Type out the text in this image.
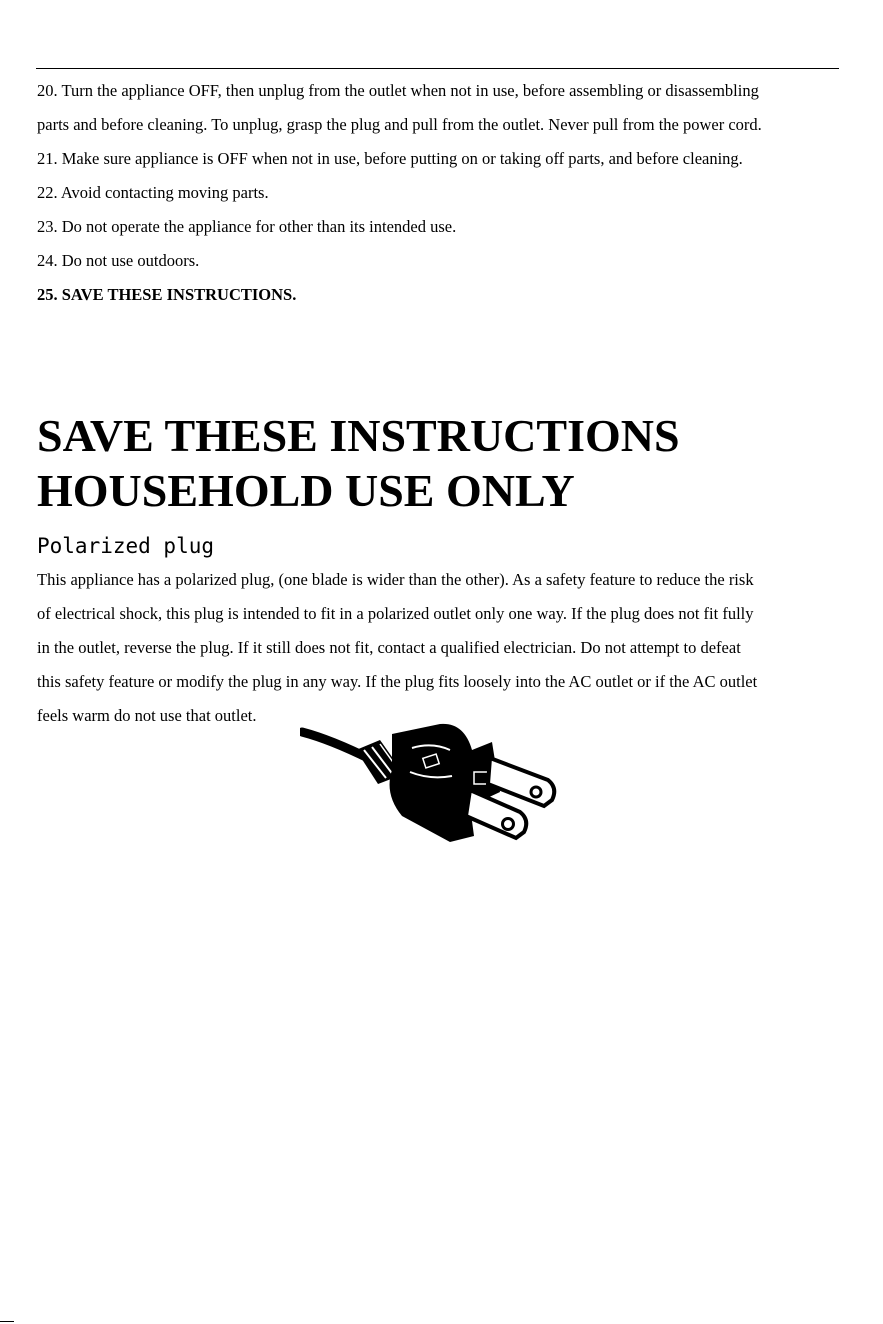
20. Turn the appliance OFF, then unplug from the outlet when not in use, before assembling or disassembling
parts and before cleaning. To unplug, grasp the plug and pull from the outlet. Never pull from the power cord.
21. Make sure appliance is OFF when not in use, before putting on or taking off parts, and before cleaning.
22. Avoid contacting moving parts.
23. Do not operate the appliance for other than its intended use.
24. Do not use outdoors.
25. SAVE THESE INSTRUCTIONS.
SAVE THESE INSTRUCTIONS
HOUSEHOLD USE ONLY
Polarized plug

This appliance has a polarized plug, (one blade is wider than the other). As a safety feature to reduce the risk
of electrical shock, this plug is intended to fit in a polarized outlet only one way. If the plug does not fit fully
in the outlet, reverse the plug. If it still does not fit, contact a qualified electrician. Do not attempt to defeat
this safety feature or modify the plug in any way. If the plug fits loosely into the AC outlet or if the AC outlet
feels warm do not use that outlet.
